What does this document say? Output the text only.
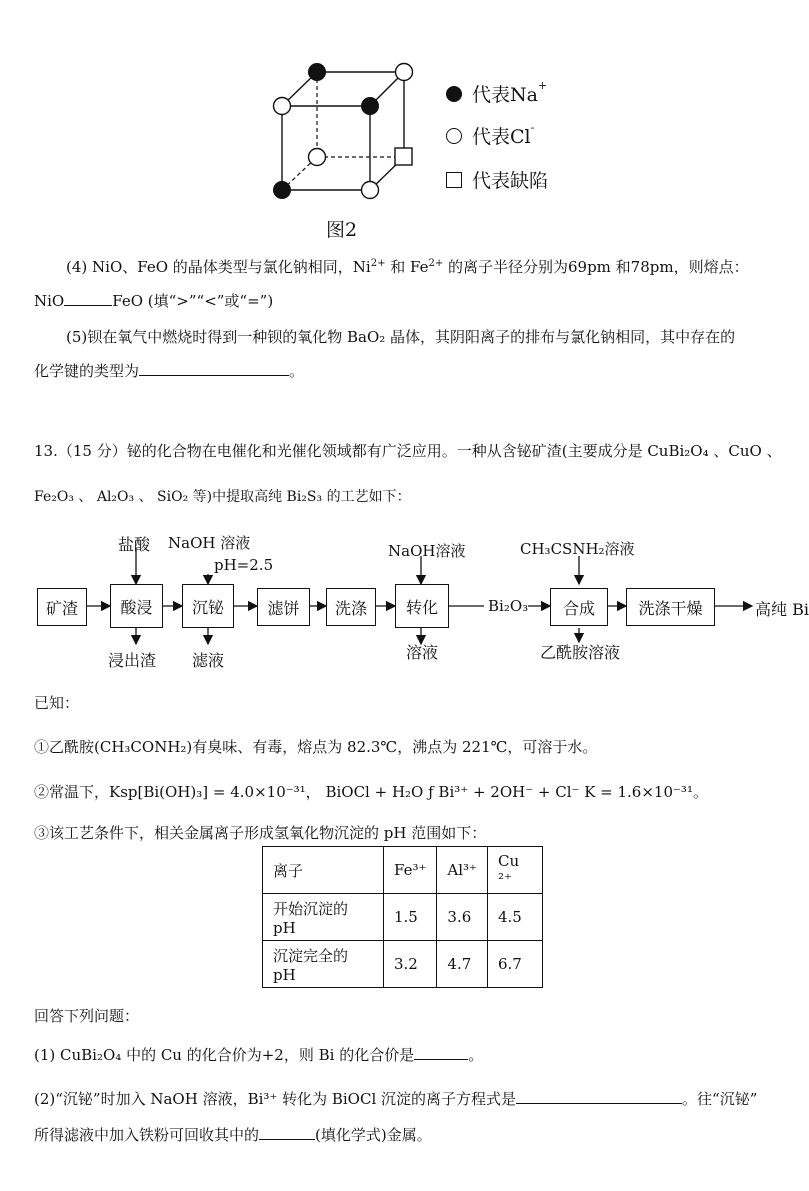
代表Na+
代表Cl-
代表缺陷
图2
(4) NiO、FeO 的晶体类型与氯化钠相同，$Ni^{2+}$ 和 $Fe^{2+}$ 的离子半径分别为69pm 和78pm，则熔点：
NiO	FeO (填“>”“<”或“=”)
(5)钡在氧气中燃烧时得到一种钡的氧化物 BaO₂ 晶体，其阴阳离子的排布与氯化钠相同，其中存在的
化学键的类型为	。
13.（15 分）铋的化合物在电催化和光催化领域都有广泛应用。一种从含铋矿渣(主要成分是 CuBi₂O₄ 、CuO 、
Fe₂O₃ 、 Al₂O₃ 、 SiO₂ 等)中提取高纯 Bi₂S₃ 的工艺如下：
矿渣	酸浸	沉铋	滤饼	洗涤	转化	合成	洗涤干燥
盐酸 NaOH 溶液
pH=2.5
NaOH溶液	CH₃CSNH₂溶液
Bi₂O₃	高纯 Bi
浸出渣 滤液	溶液	乙酰胺溶液
已知：
①乙酰胺(CH₃CONH₂)有臭味、有毒，熔点为 82.3℃，沸点为 221℃，可溶于水。
②常温下，Ksp[Bi(OH)₃] = 4.0×10⁻³¹， BiOCl + H₂O ƒ Bi³⁺ + 2OH⁻ + Cl⁻ K = 1.6×10⁻³¹。
③该工艺条件下，相关金属离子形成氢氧化物沉淀的 pH 范围如下：
离子	Fe³⁺	Al³⁺	Cu ²⁺
开始沉淀的 pH	1.5	3.6	4.5
沉淀完全的 pH	3.2	4.7	6.7
回答下列问题：
(1) CuBi₂O₄ 中的 Cu 的化合价为+2，则 Bi 的化合价是	。
(2)“沉铋”时加入 NaOH 溶液，Bi³⁺ 转化为 BiOCl 沉淀的离子方程式是	。往“沉铋”
所得滤液中加入铁粉可回收其中的	(填化学式)金属。
